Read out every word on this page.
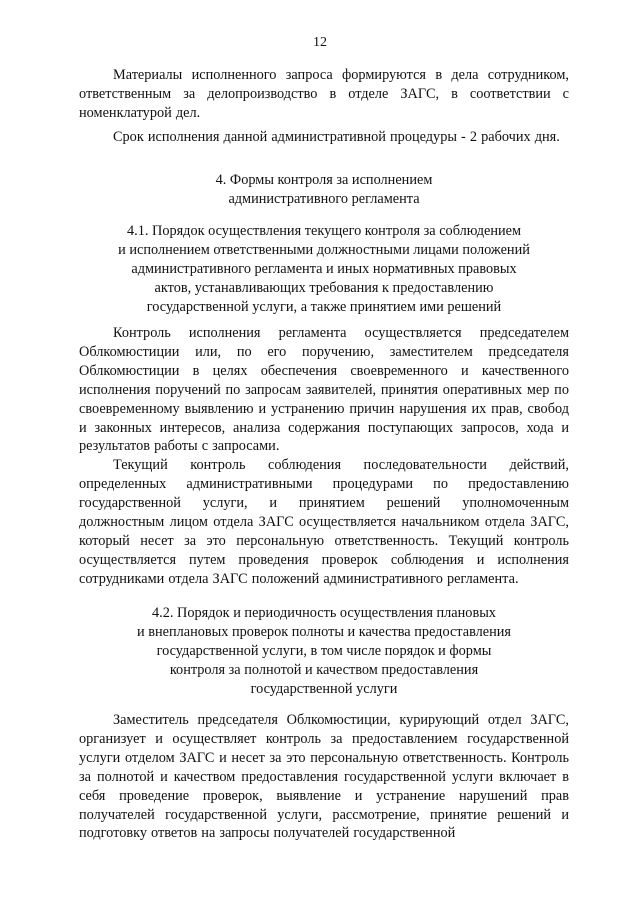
12

Материалы исполненного запроса формируются в дела сотрудником, ответственным за делопроизводство в отделе ЗАГС, в соответствии с номенклатурой дел.

Срок исполнения данной административной процедуры - 2 рабочих дня.

4. Формы контроля за исполнением
административного регламента
4.1. Порядок осуществления текущего контроля за соблюдением
и исполнением ответственными должностными лицами положений
административного регламента и иных нормативных правовых
актов, устанавливающих требования к предоставлению
государственной услуги, а также принятием ими решений

Контроль исполнения регламента осуществляется председателем Облкомюстиции или, по его поручению, заместителем председателя Облкомюстиции в целях обеспечения своевременного и качественного исполнения поручений по запросам заявителей, принятия оперативных мер по своевременному выявлению и устранению причин нарушения их прав, свобод и законных интересов, анализа содержания поступающих запросов, хода и результатов работы с запросами.

Текущий контроль соблюдения последовательности действий, определенных административными процедурами по предоставлению государственной услуги, и принятием решений уполномоченным должностным лицом отдела ЗАГС осуществляется начальником отдела ЗАГС, который несет за это персональную ответственность. Текущий контроль осуществляется путем проведения проверок соблюдения и исполнения сотрудниками отдела ЗАГС положений административного регламента.

4.2. Порядок и периодичность осуществления плановых
и внеплановых проверок полноты и качества предоставления
государственной услуги, в том числе порядок и формы
контроля за полнотой и качеством предоставления
государственной услуги

Заместитель председателя Облкомюстиции, курирующий отдел ЗАГС, организует и осуществляет контроль за предоставлением государственной услуги отделом ЗАГС и несет за это персональную ответственность. Контроль за полнотой и качеством предоставления государственной услуги включает в себя проведение проверок, выявление и устранение нарушений прав получателей государственной услуги, рассмотрение, принятие решений и подготовку ответов на запросы получателей государственной
